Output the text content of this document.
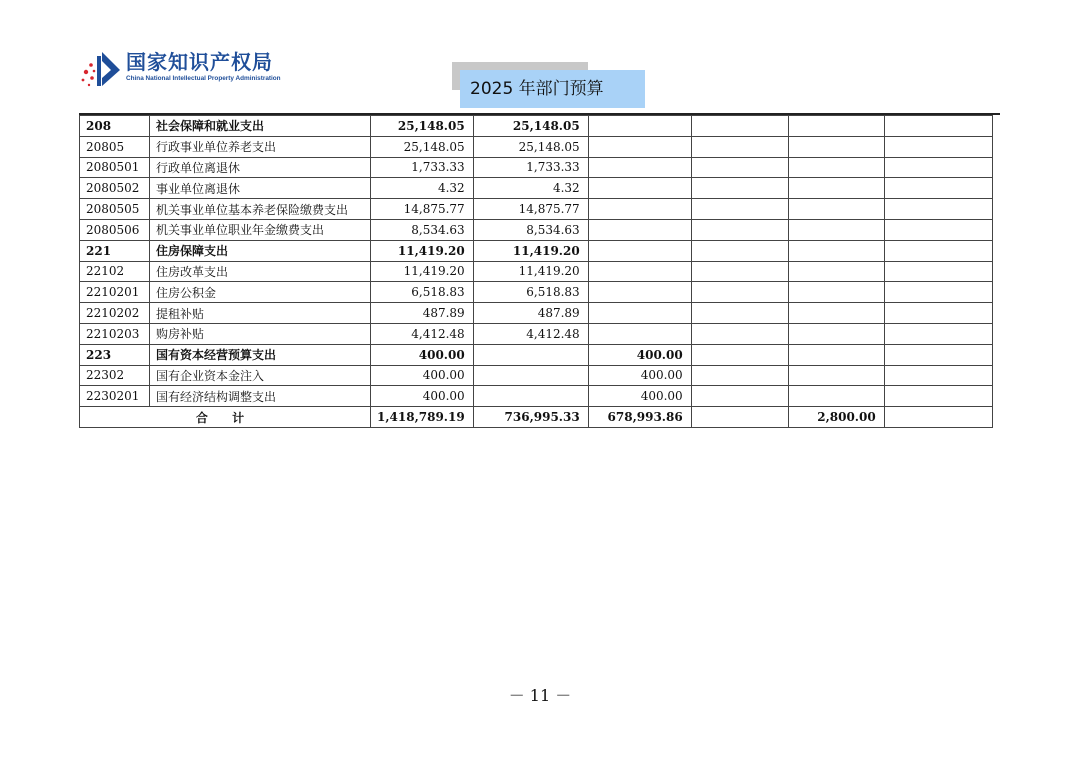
国家知识产权局
China National Intellectual Property Administration
2025 年部门预算
208	社会保障和就业支出	25,148.05	25,148.05				
20805	行政事业单位养老支出	25,148.05	25,148.05				
2080501	行政单位离退休	1,733.33	1,733.33				
2080502	事业单位离退休	4.32	4.32				
2080505	机关事业单位基本养老保险缴费支出	14,875.77	14,875.77				
2080506	机关事业单位职业年金缴费支出	8,534.63	8,534.63				
221	住房保障支出	11,419.20	11,419.20				
22102	住房改革支出	11,419.20	11,419.20				
2210201	住房公积金	6,518.83	6,518.83				
2210202	提租补贴	487.89	487.89				
2210203	购房补贴	4,412.48	4,412.48				
223	国有资本经营预算支出	400.00		400.00			
22302	国有企业资本金注入	400.00		400.00			
2230201	国有经济结构调整支出	400.00		400.00			
合 计		1,418,789.19	736,995.33	678,993.86		2,800.00	
－ 11 －
